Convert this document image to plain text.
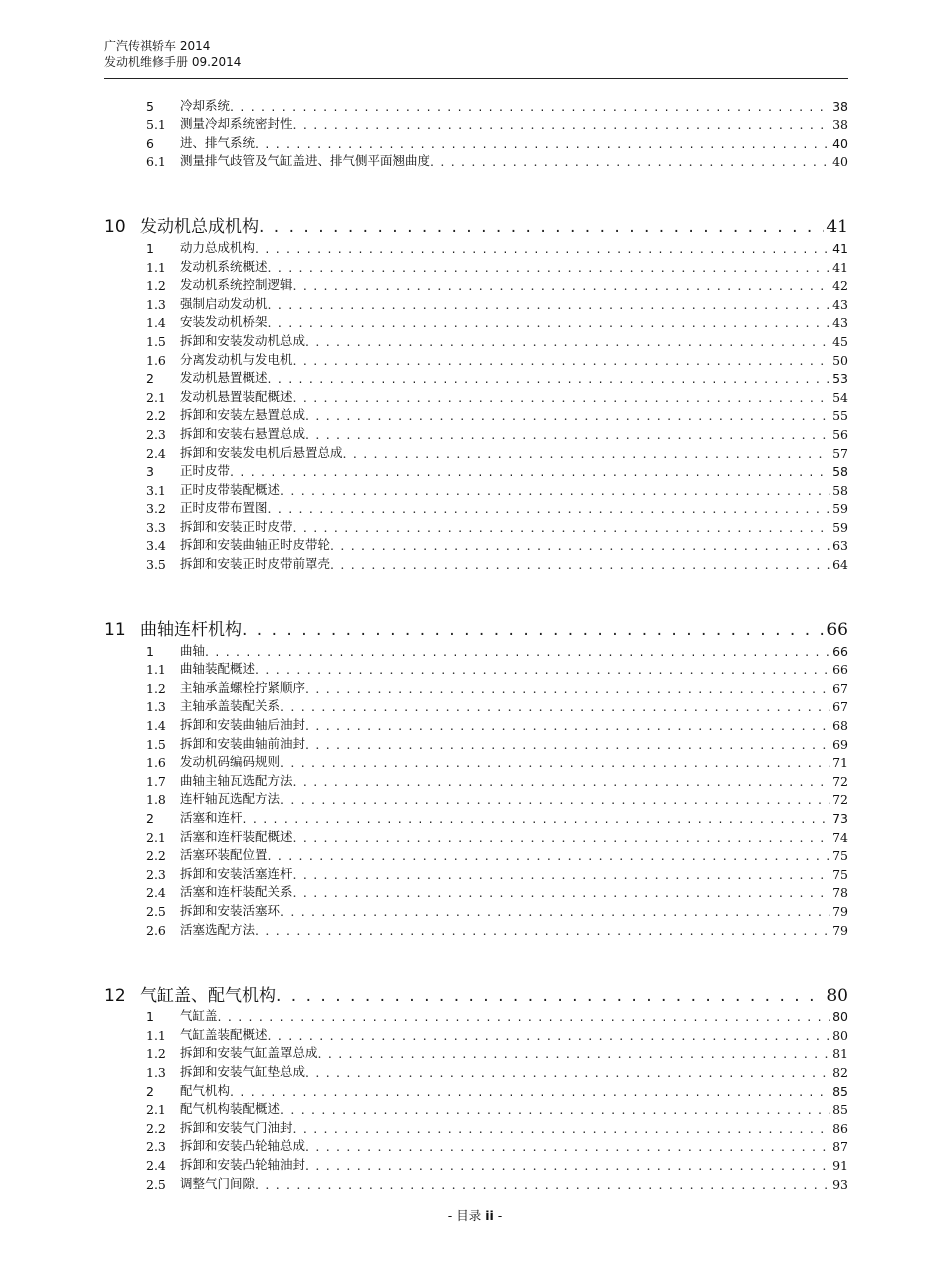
广汽传祺轿车 2014
发动机维修手册 09.2014
5	冷却系统 . . .	38
5.1	测量冷却系统密封性 . . .	38
6	进、排气系统 . . .	40
6.1	测量排气歧管及气缸盖进、排气侧平面翘曲度 . . .	40
10 发动机总成机构 . . .	41
1	动力总成机构 . . .	41
1.1	发动机系统概述 . . .	41
1.2	发动机系统控制逻辑 . . .	42
1.3	强制启动发动机 . . .	43
1.4	安装发动机桥架 . . .	43
1.5	拆卸和安装发动机总成 . . .	45
1.6	分离发动机与发电机 . . .	50
2	发动机悬置概述 . . .	53
2.1	发动机悬置装配概述 . . .	54
2.2	拆卸和安装左悬置总成 . . .	55
2.3	拆卸和安装右悬置总成 . . .	56
2.4	拆卸和安装发电机后悬置总成 . . .	57
3	正时皮带 . . .	58
3.1	正时皮带装配概述 . . .	58
3.2	正时皮带布置图 . . .	59
3.3	拆卸和安装正时皮带 . . .	59
3.4	拆卸和安装曲轴正时皮带轮 . . .	63
3.5	拆卸和安装正时皮带前罩壳 . . .	64
11 曲轴连杆机构 . . .	66
1	曲轴 . . .	66
1.1	曲轴装配概述 . . .	66
1.2	主轴承盖螺栓拧紧顺序 . . .	67
1.3	主轴承盖装配关系 . . .	67
1.4	拆卸和安装曲轴后油封 . . .	68
1.5	拆卸和安装曲轴前油封 . . .	69
1.6	发动机码编码规则 . . .	71
1.7	曲轴主轴瓦选配方法 . . .	72
1.8	连杆轴瓦选配方法 . . .	72
2	活塞和连杆 . . .	73
2.1	活塞和连杆装配概述 . . .	74
2.2	活塞环装配位置 . . .	75
2.3	拆卸和安装活塞连杆 . . .	75
2.4	活塞和连杆装配关系 . . .	78
2.5	拆卸和安装活塞环 . . .	79
2.6	活塞选配方法 . . .	79
12 气缸盖、配气机构 . . .	80
1	气缸盖 . . .	80
1.1	气缸盖装配概述 . . .	80
1.2	拆卸和安装气缸盖罩总成 . . .	81
1.3	拆卸和安装气缸垫总成 . . .	82
2	配气机构 . . .	85
2.1	配气机构装配概述 . . .	85
2.2	拆卸和安装气门油封 . . .	86
2.3	拆卸和安装凸轮轴总成 . . .	87
2.4	拆卸和安装凸轮轴油封 . . .	91
2.5	调整气门间隙 . . .	93
- 目录 ii -
